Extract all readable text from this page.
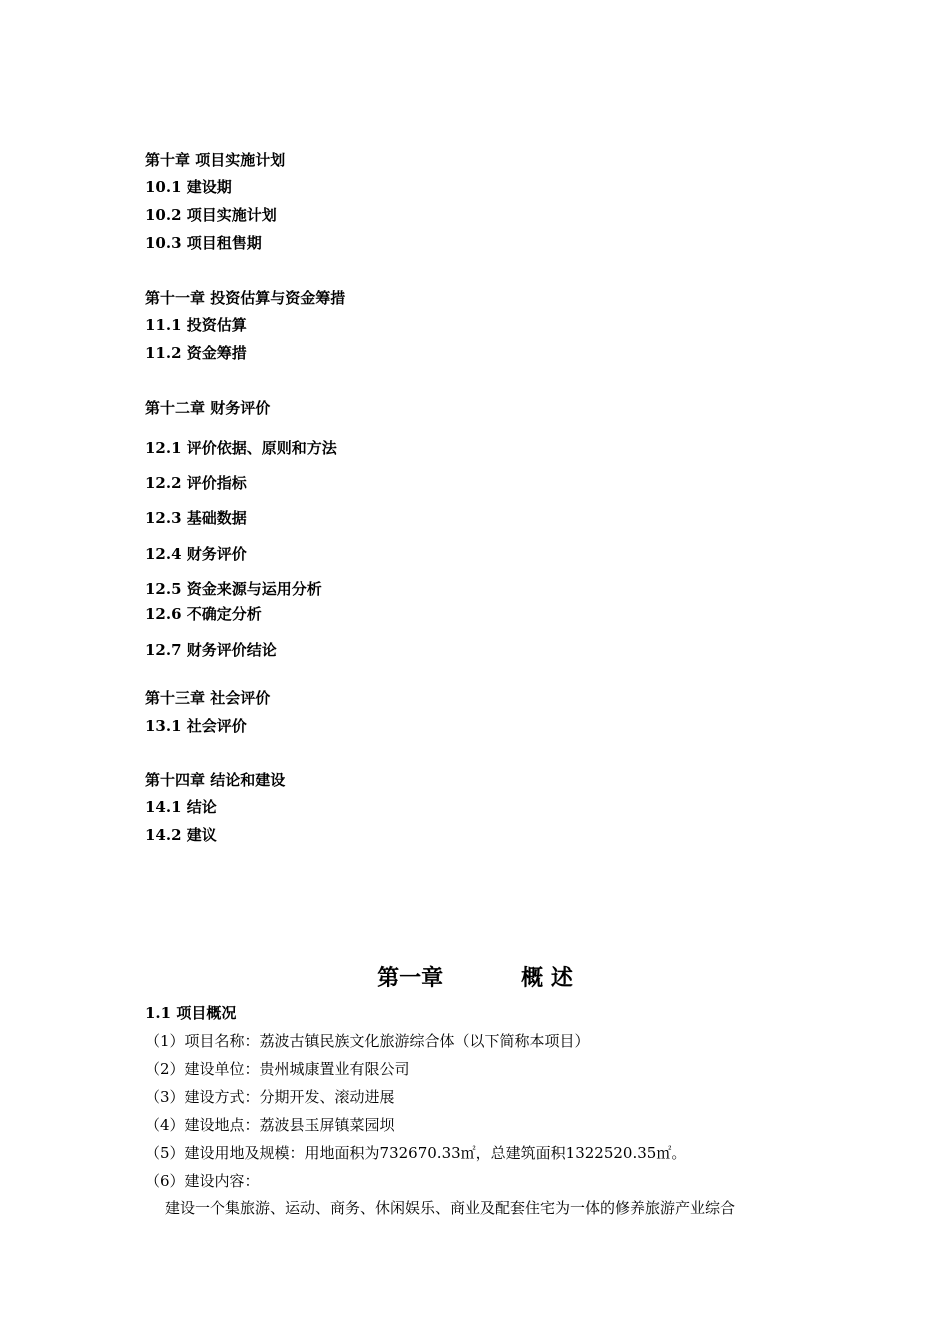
第十章 项目实施计划
10.1 建设期
10.2 项目实施计划
10.3 项目租售期
第十一章 投资估算与资金筹措
11.1 投资估算
11.2 资金筹措
第十二章 财务评价
12.1 评价依据、原则和方法
12.2 评价指标
12.3 基础数据
12.4 财务评价
12.5 资金来源与运用分析
12.6 不确定分析
12.7 财务评价结论
第十三章 社会评价
13.1 社会评价
第十四章 结论和建设
14.1 结论
14.2 建议
第一章	概 述
1.1 项目概况
（1）项目名称：荔波古镇民族文化旅游综合体（以下简称本项目）
（2）建设单位：贵州城康置业有限公司
（3）建设方式：分期开发、滚动进展
（4）建设地点：荔波县玉屏镇菜园坝
（5）建设用地及规模：用地面积为732670.33㎡，总建筑面积1322520.35㎡。
（6）建设内容：
建设一个集旅游、运动、商务、休闲娱乐、商业及配套住宅为一体的修养旅游产业综合
